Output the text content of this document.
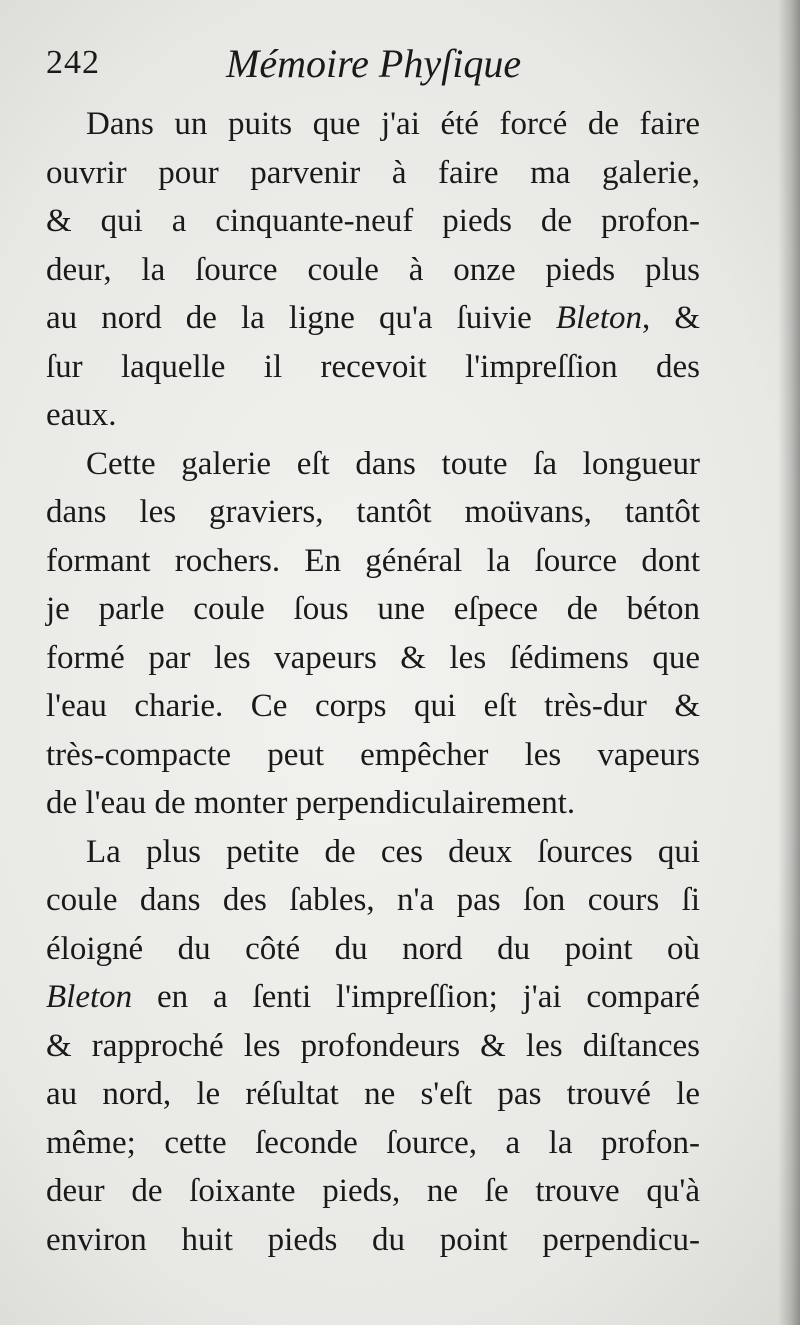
242	Mémoire Phyſique
Dans un puits que j'ai été forcé de faire
ouvrir pour parvenir à faire ma galerie,
& qui a cinquante-neuf pieds de profon-
deur, la ſource coule à onze pieds plus
au nord de la ligne qu'a ſuivie Bleton, &
ſur laquelle il recevoit l'impreſſion des
eaux.
Cette galerie eſt dans toute ſa longueur
dans les graviers, tantôt moüvans, tantôt
formant rochers. En général la ſource dont
je parle coule ſous une eſpece de béton
formé par les vapeurs & les ſédimens que
l'eau charie. Ce corps qui eſt très-dur &
très-compacte peut empêcher les vapeurs
de l'eau de monter perpendiculairement.
La plus petite de ces deux ſources qui
coule dans des ſables, n'a pas ſon cours ſi
éloigné du côté du nord du point où
Bleton en a ſenti l'impreſſion; j'ai comparé
& rapproché les profondeurs & les diſtances
au nord, le réſultat ne s'eſt pas trouvé le
même; cette ſeconde ſource, a la profon-
deur de ſoixante pieds, ne ſe trouve qu'à
environ huit pieds du point perpendicu-
